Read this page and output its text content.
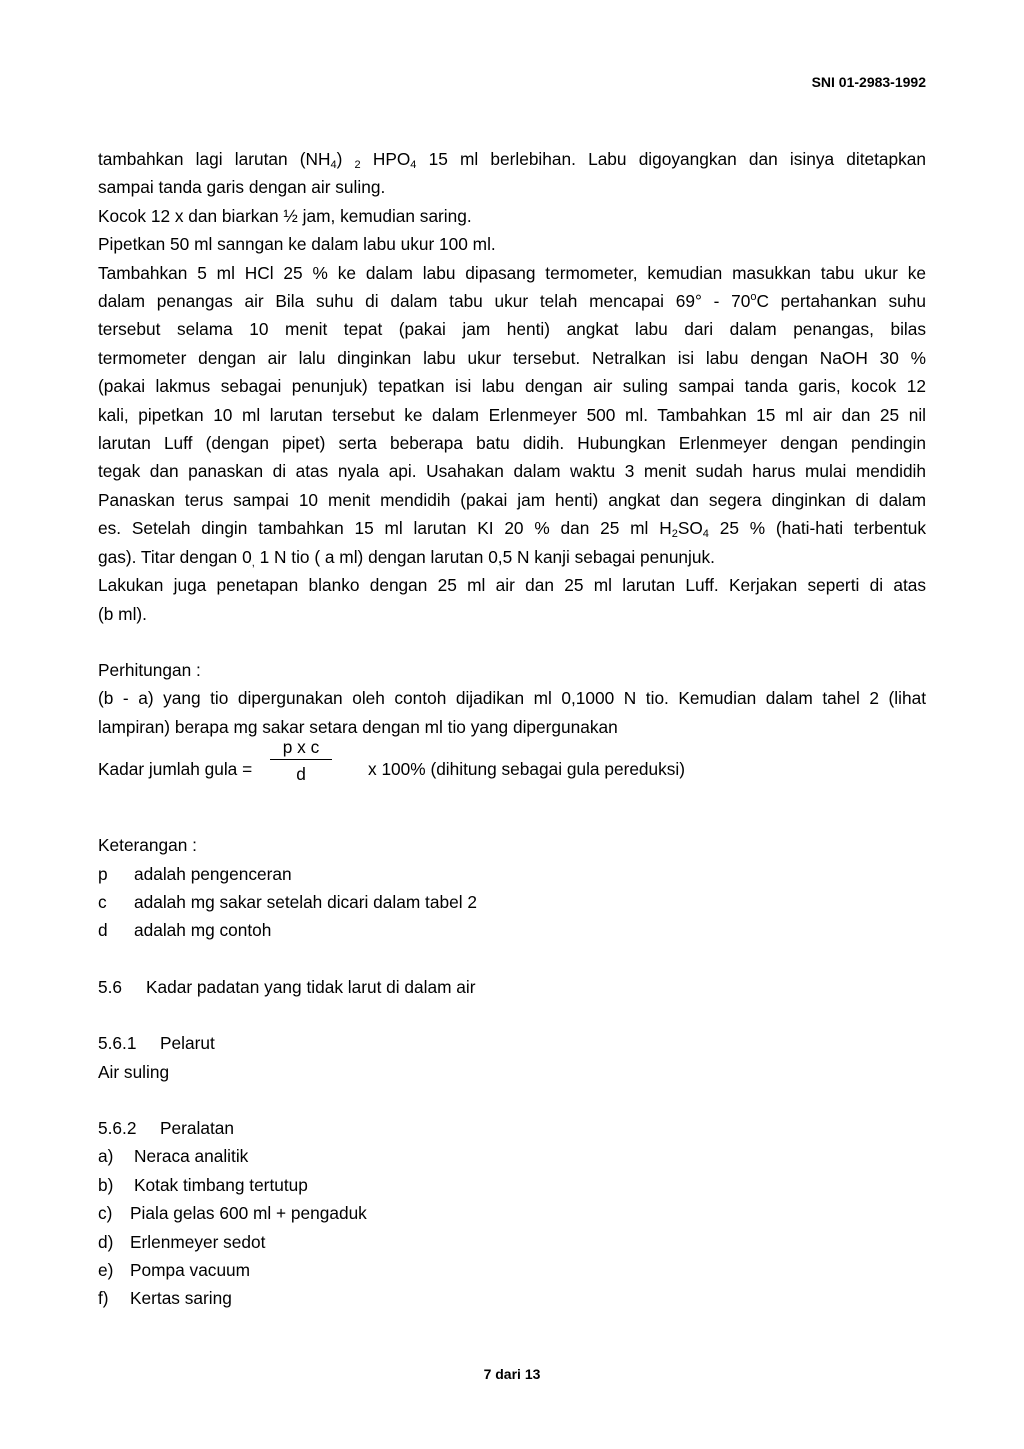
SNI 01-2983-1992

tambahkan lagi larutan $(NH_4)$ $_2$ $HPO_4$ 15 ml berlebihan. Labu digoyangkan dan isinya ditetapkan

sampai tanda garis dengan air suling.

Kocok 12 x dan biarkan ½ jam, kemudian saring.

Pipetkan 50 ml sanngan ke dalam labu ukur 100 ml.

Tambahkan 5 ml HCl 25 % ke dalam labu dipasang termometer, kemudian masukkan tabu ukur ke

dalam penangas air Bila suhu di dalam tabu ukur telah mencapai 69° - 70$^o$C pertahankan suhu

tersebut selama 10 menit tepat (pakai jam henti) angkat labu dari dalam penangas, bilas

termometer dengan air lalu dinginkan labu ukur tersebut. Netralkan isi labu dengan NaOH 30 %

(pakai lakmus sebagai penunjuk) tepatkan isi labu dengan air suling sampai tanda garis, kocok 12

kali, pipetkan 10 ml larutan tersebut ke dalam Erlenmeyer 500 ml. Tambahkan 15 ml air dan 25 nil

larutan Luff (dengan pipet) serta beberapa batu didih. Hubungkan Erlenmeyer dengan pendingin

tegak dan panaskan di atas nyala api. Usahakan dalam waktu 3 menit sudah harus mulai mendidih

Panaskan terus sampai 10 menit mendidih (pakai jam henti) angkat dan segera dinginkan di dalam

es. Setelah dingin tambahkan 15 ml larutan KI 20 % dan 25 ml $H_2SO_4$ 25 % (hati-hati terbentuk

gas). Titar dengan $0_,$ 1 N tio ( a ml) dengan larutan 0,5 N kanji sebagai penunjuk.

Lakukan juga penetapan blanko dengan 25 ml air dan 25 ml larutan Luff. Kerjakan seperti di atas

(b ml).

Perhitungan :

(b - a) yang tio dipergunakan oleh contoh dijadikan ml 0,1000 N tio. Kemudian dalam tahel 2 (lihat

lampiran) berapa mg sakar setara dengan ml tio yang dipergunakan

Kadar jumlah gula =
p x c
d	x 100% (dihitung sebagai gula pereduksi)

Keterangan :

p	adalah pengenceran
c	adalah mg sakar setelah dicari dalam tabel 2
d	adalah mg contoh
5.6	Kadar padatan yang tidak larut di dalam air
5.6.1	Pelarut

Air suling

5.6.2	Peralatan
a)	Neraca analitik
b)	Kotak timbang tertutup
c)	Piala gelas 600 ml + pengaduk
d) Erlenmeyer sedot
e) Pompa vacuum
f)	Kertas saring
7 dari 13
